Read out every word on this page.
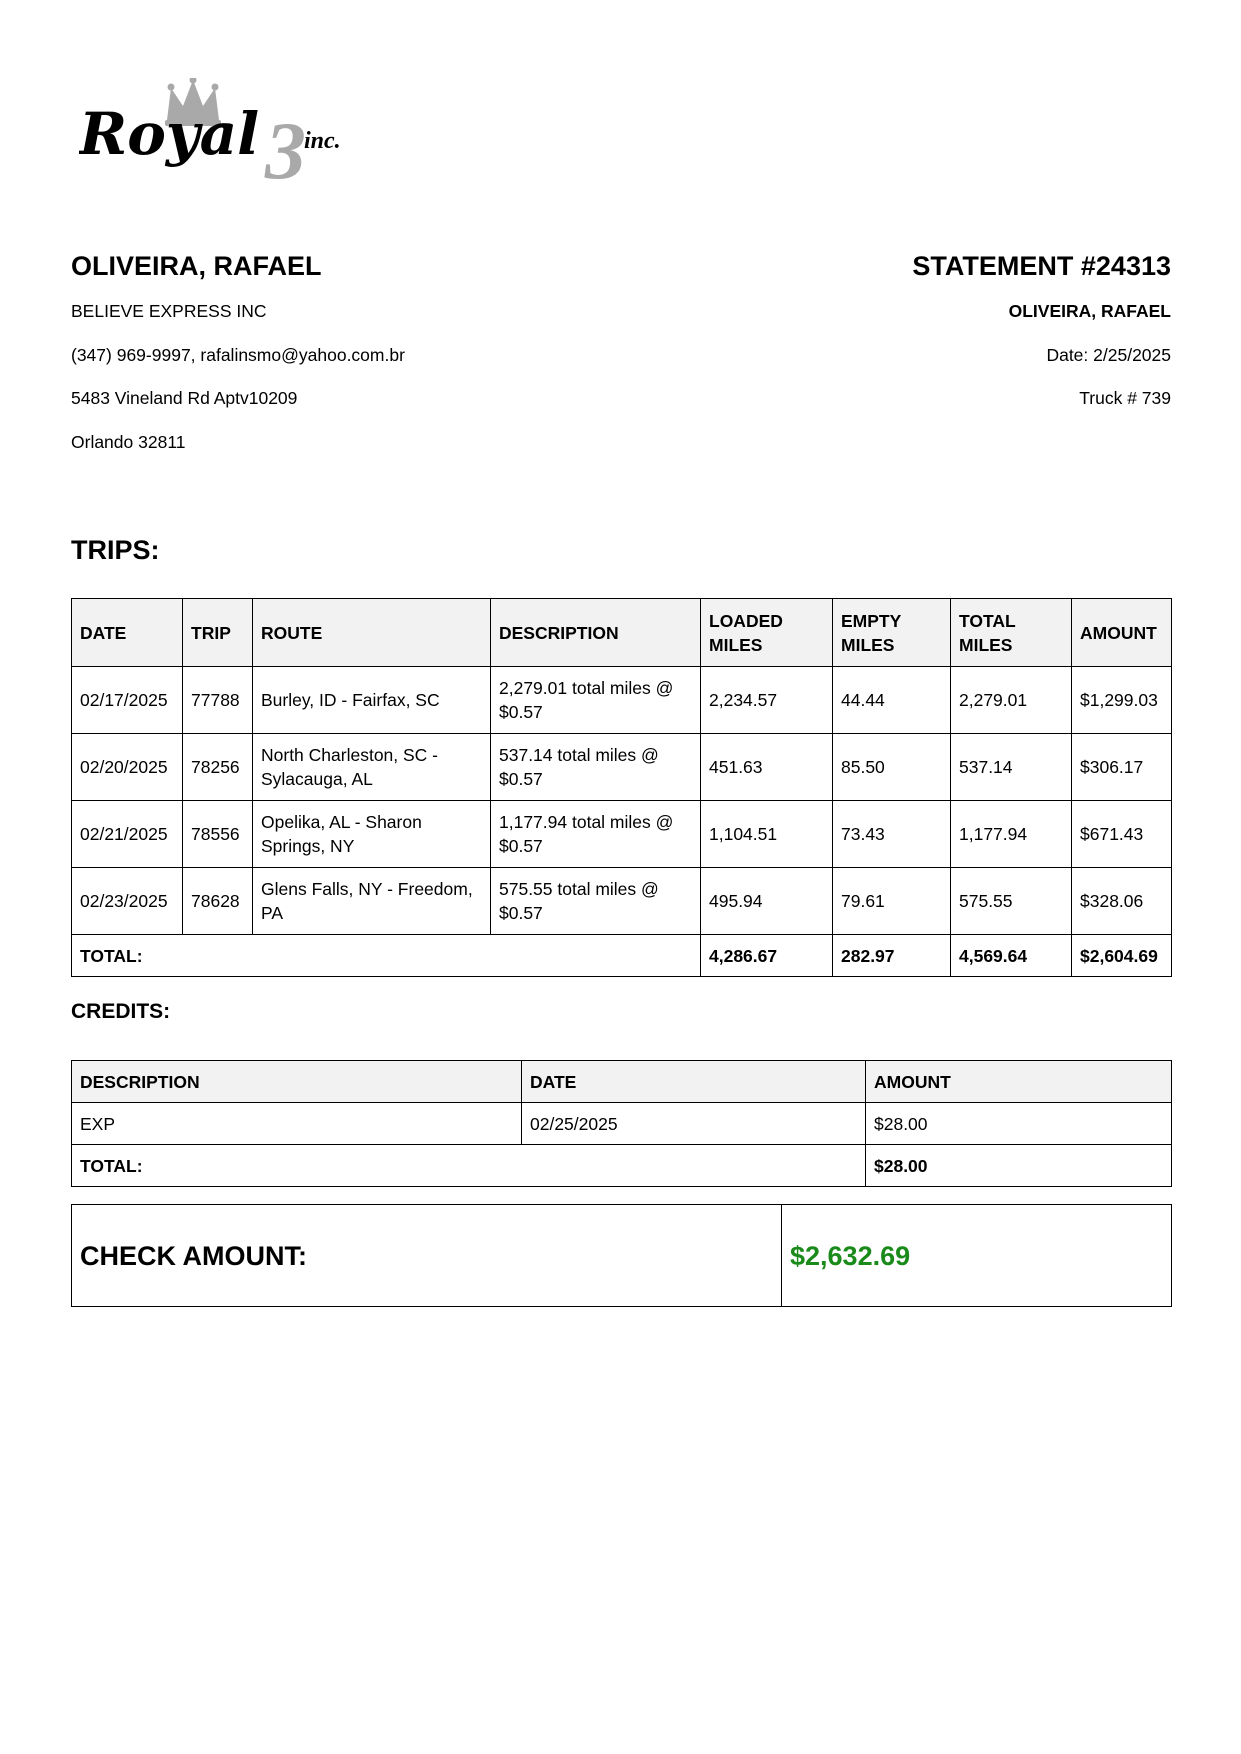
Royal 3
inc.
OLIVEIRA, RAFAEL
BELIEVE EXPRESS INC
(347) 969-9997, rafalinsmo@yahoo.com.br
5483 Vineland Rd Aptv10209
Orlando 32811
STATEMENT #24313
OLIVEIRA, RAFAEL
Date: 2/25/2025
Truck # 739
TRIPS:
DATE	TRIP	ROUTE	DESCRIPTION	LOADED MILES	EMPTY MILES	TOTAL MILES	AMOUNT
02/17/2025	77788	Burley, ID - Fairfax, SC	2,279.01 total miles @ $0.57	2,234.57	44.44	2,279.01	$1,299.03
02/20/2025	78256	North Charleston, SC - Sylacauga, AL	537.14 total miles @ $0.57	451.63	85.50	537.14	$306.17
02/21/2025	78556	Opelika, AL - Sharon Springs, NY	1,177.94 total miles @ $0.57	1,104.51	73.43	1,177.94	$671.43
02/23/2025	78628	Glens Falls, NY - Freedom, PA	575.55 total miles @ $0.57	495.94	79.61	575.55	$328.06
TOTAL:				4,286.67	282.97	4,569.64	$2,604.69
CREDITS:
DESCRIPTION	DATE	AMOUNT
EXP	02/25/2025	$28.00
TOTAL:		$28.00
CHECK AMOUNT:	$2,632.69
